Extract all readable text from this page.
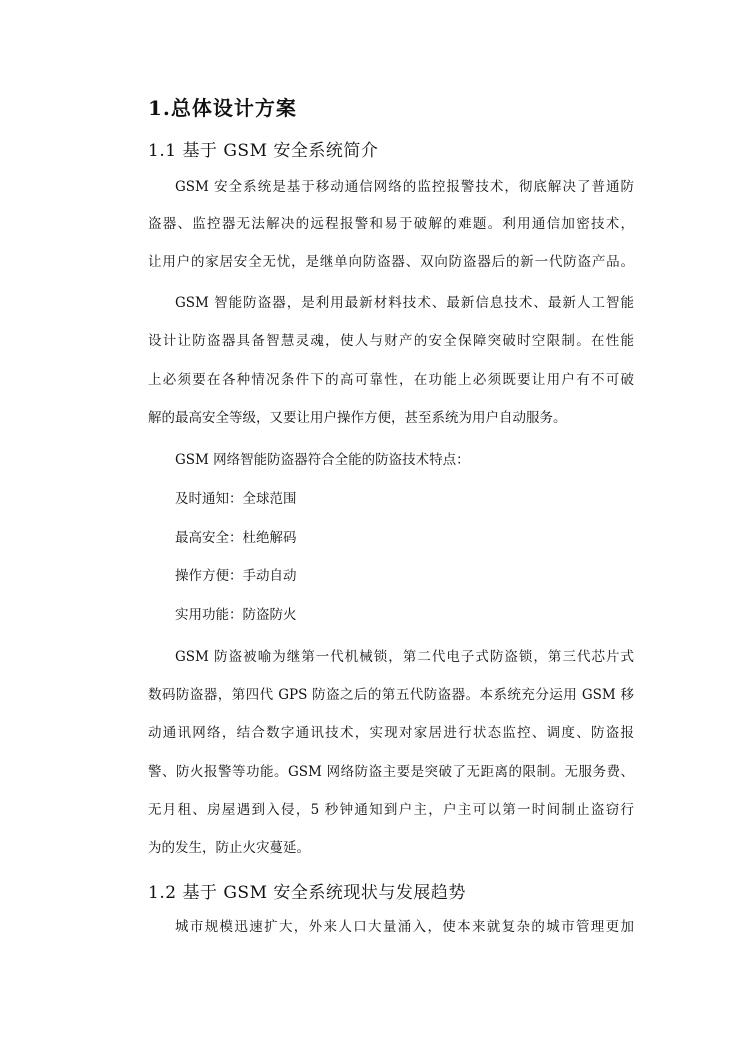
1.总体设计方案
1.1 基于 GSM 安全系统简介
GSM 安全系统是基于移动通信网络的监控报警技术，彻底解决了普通防
盗器、监控器无法解决的远程报警和易于破解的难题。利用通信加密技术，
让用户的家居安全无忧，是继单向防盗器、双向防盗器后的新一代防盗产品。
GSM 智能防盗器，是利用最新材料技术、最新信息技术、最新人工智能
设计让防盗器具备智慧灵魂，使人与财产的安全保障突破时空限制。在性能
上必须要在各种情况条件下的高可靠性，在功能上必须既要让用户有不可破
解的最高安全等级，又要让用户操作方便，甚至系统为用户自动服务。
GSM 网络智能防盗器符合全能的防盗技术特点：
及时通知：全球范围
最高安全：杜绝解码
操作方便：手动自动
实用功能：防盗防火
GSM 防盗被喻为继第一代机械锁，第二代电子式防盗锁，第三代芯片式
数码防盗器，第四代 GPS 防盗之后的第五代防盗器。本系统充分运用 GSM 移
动通讯网络，结合数字通讯技术，实现对家居进行状态监控、调度、防盗报
警、防火报警等功能。GSM 网络防盗主要是突破了无距离的限制。无服务费、
无月租、房屋遇到入侵，5 秒钟通知到户主，户主可以第一时间制止盗窃行
为的发生，防止火灾蔓延。
1.2 基于 GSM 安全系统现状与发展趋势
城市规模迅速扩大，外来人口大量涌入，使本来就复杂的城市管理更加
